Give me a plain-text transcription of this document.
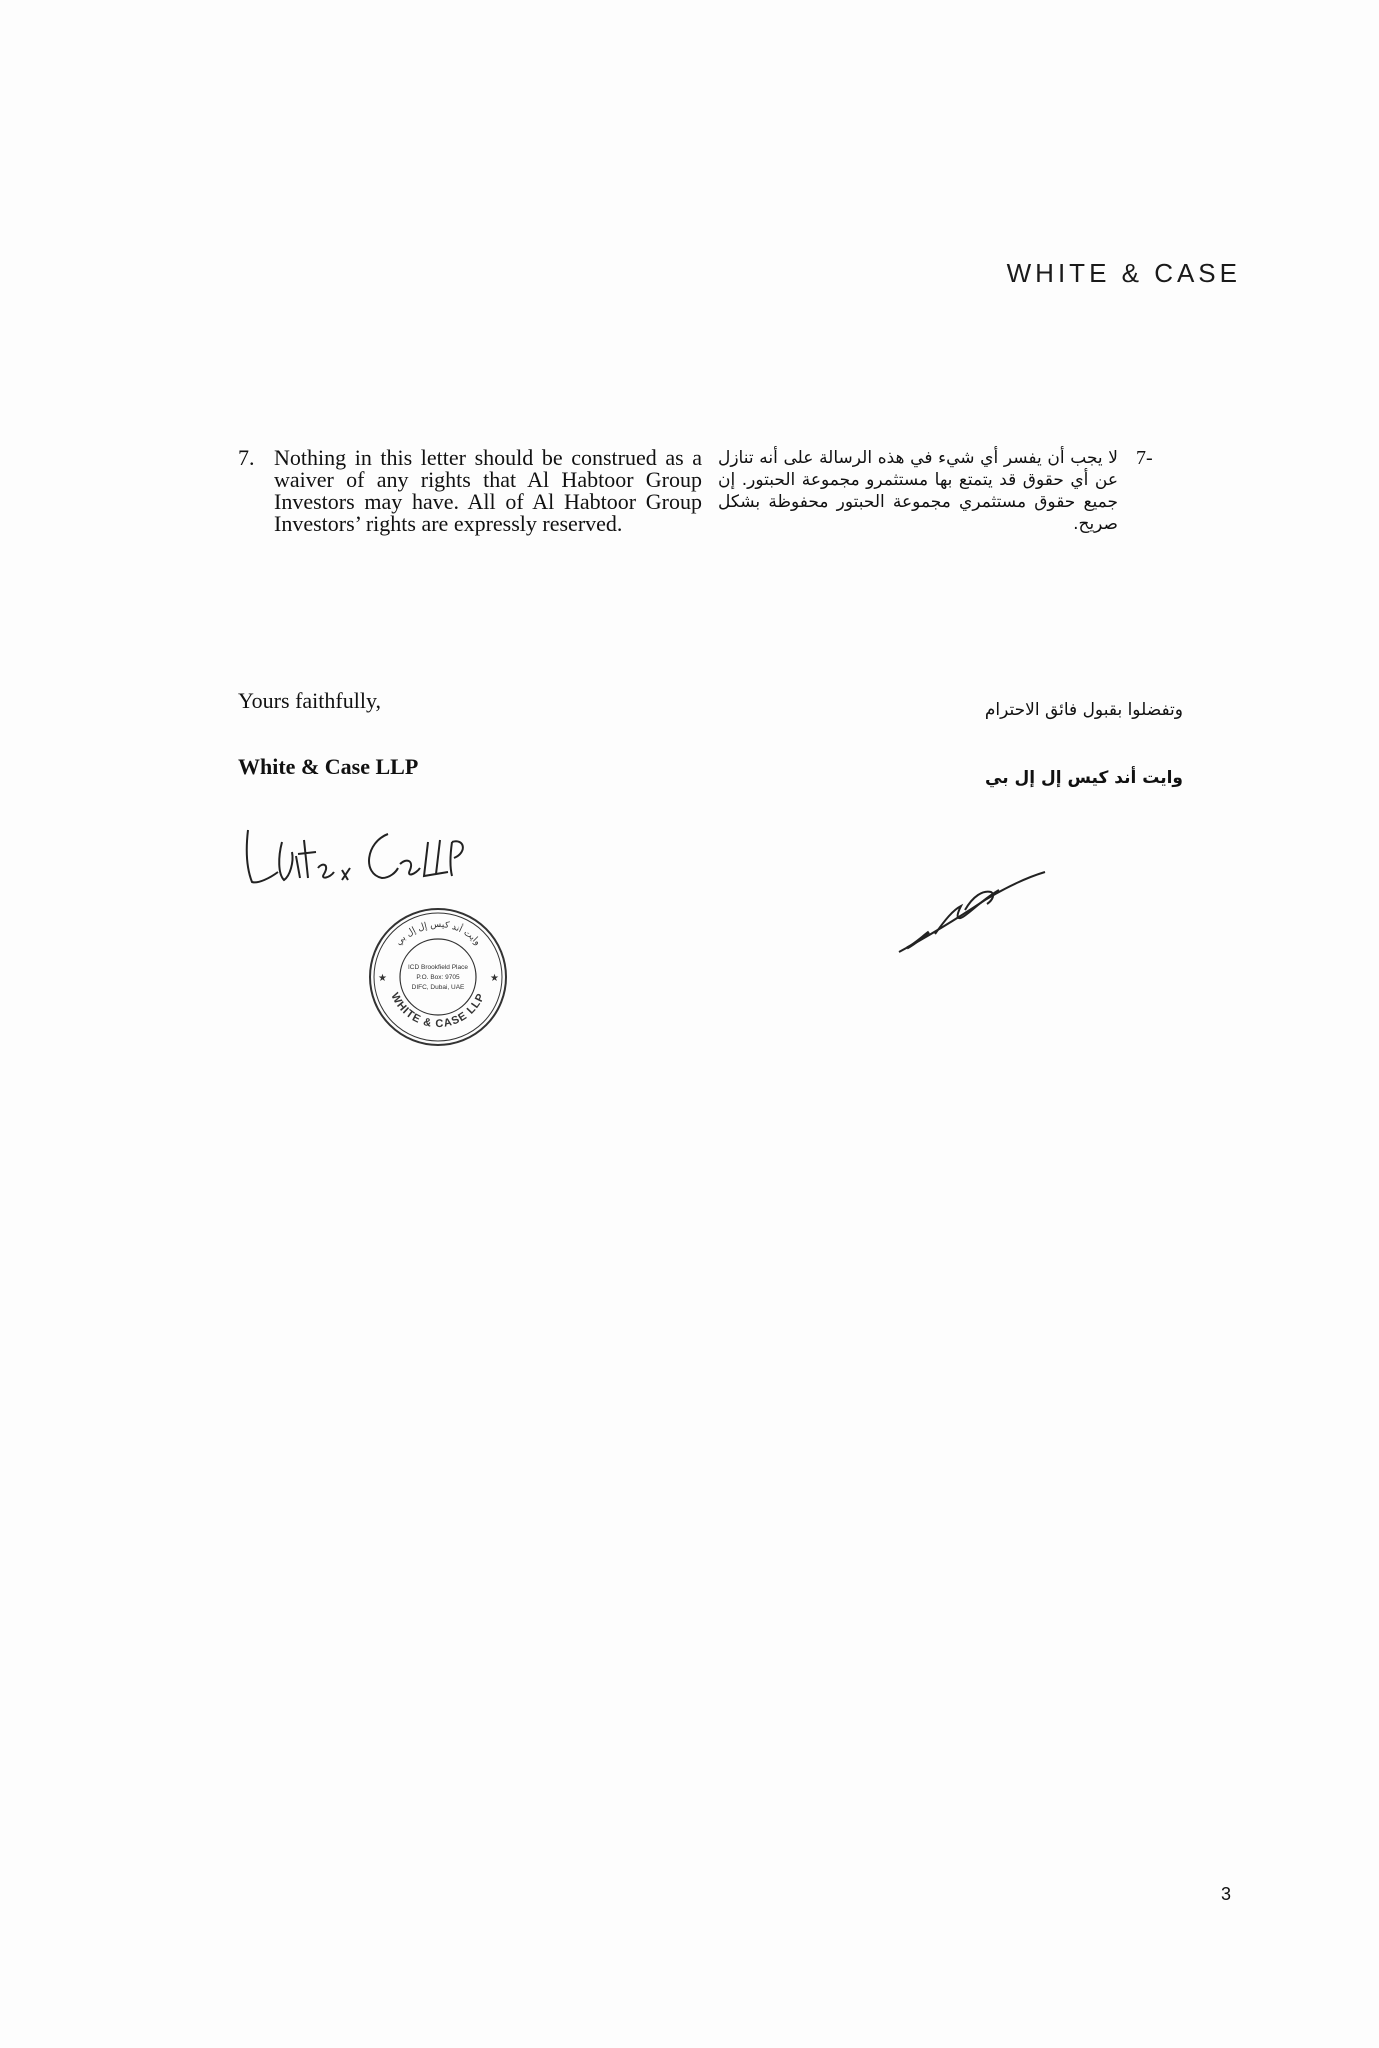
WHITE & CASE
7. Nothing in this letter should be construed as a waiver of any rights that Al Habtoor Group Investors may have. All of Al Habtoor Group Investors’ rights are expressly reserved.
لا يجب أن يفسر أي شيء في هذه الرسالة على أنه تنازل عن أي حقوق قد يتمتع بها مستثمرو مجموعة الحبتور. إن جميع حقوق مستثمري مجموعة الحبتور محفوظة بشكل صريح.
-7
Yours faithfully,
White & Case LLP
وتفضلوا بقبول فائق الاحترام
وايت أند كيس إل إل بي
WHITE & CASE LLP
وايت أند كيس إل إل بي
ICD Brookfield Place
P.O. Box: 9705
DIFC, Dubai, UAE
★	★
3
